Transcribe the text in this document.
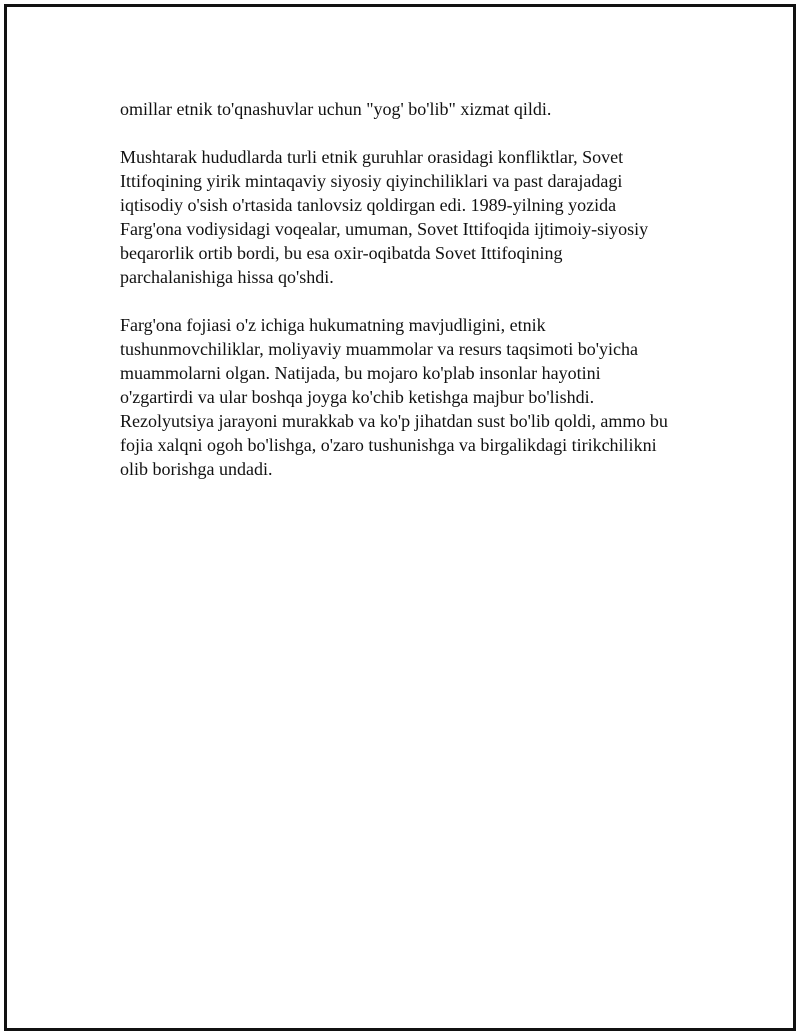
omillar etnik to'qnashuvlar uchun "yog' bo'lib" xizmat qildi.

Mushtarak hududlarda turli etnik guruhlar orasidagi konfliktlar, Sovet
Ittifoqining yirik mintaqaviy siyosiy qiyinchiliklari va past darajadagi
iqtisodiy o'sish o'rtasida tanlovsiz qoldirgan edi. 1989-yilning yozida
Farg'ona vodiysidagi voqealar, umuman, Sovet Ittifoqida ijtimoiy-siyosiy
beqarorlik ortib bordi, bu esa oxir-oqibatda Sovet Ittifoqining
parchalanishiga hissa qo'shdi.

Farg'ona fojiasi o'z ichiga hukumatning mavjudligini, etnik
tushunmovchiliklar, moliyaviy muammolar va resurs taqsimoti bo'yicha
muammolarni olgan. Natijada, bu mojaro ko'plab insonlar hayotini
o'zgartirdi va ular boshqa joyga ko'chib ketishga majbur bo'lishdi.
Rezolyutsiya jarayoni murakkab va ko'p jihatdan sust bo'lib qoldi, ammo bu
fojia xalqni ogoh bo'lishga, o'zaro tushunishga va birgalikdagi tirikchilikni
olib borishga undadi.
